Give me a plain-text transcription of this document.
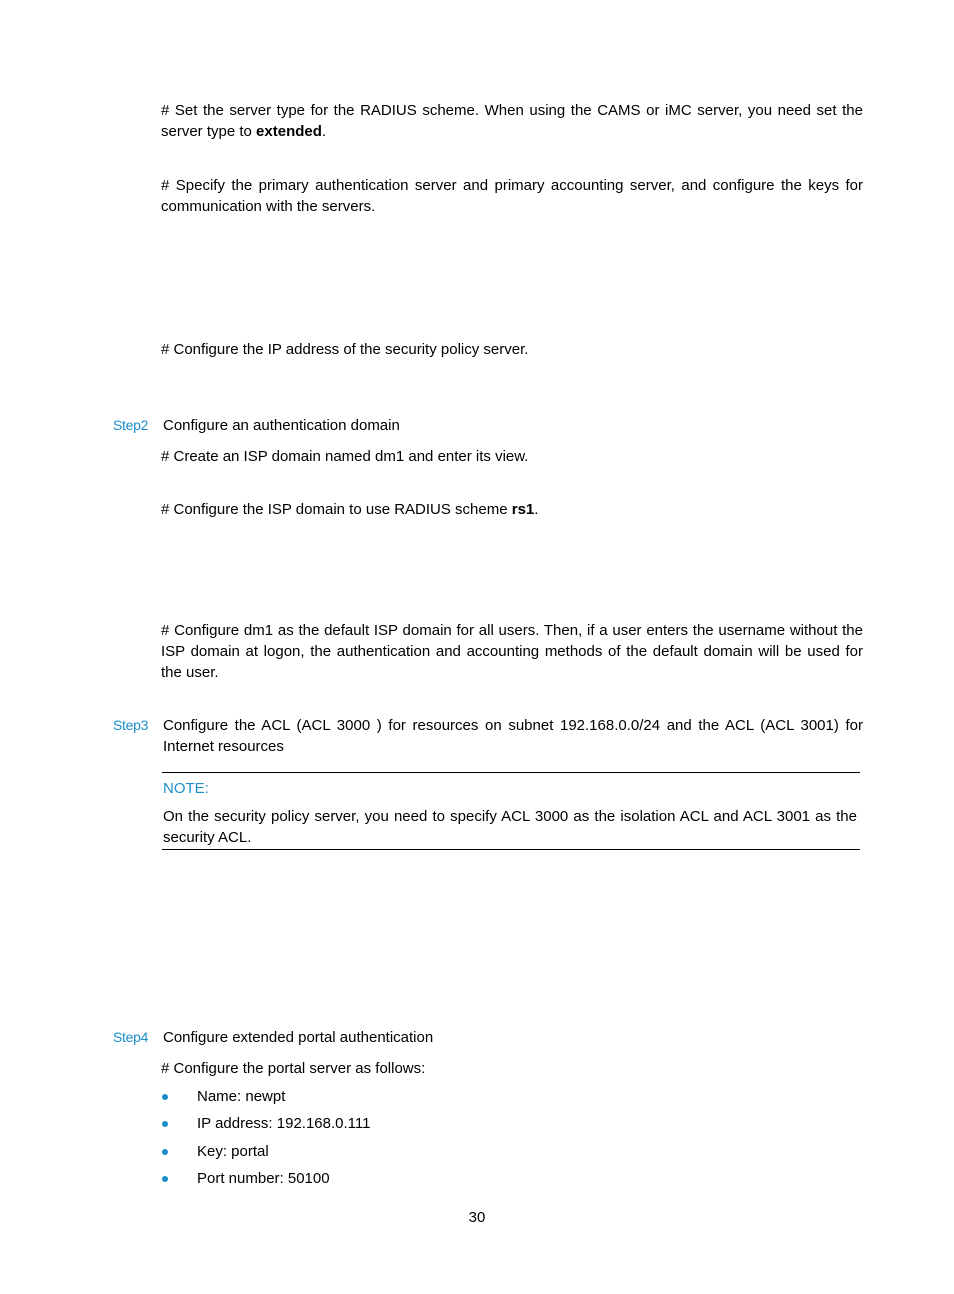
# Set the server type for the RADIUS scheme. When using the CAMS or iMC server, you need set the server type to extended.
# Specify the primary authentication server and primary accounting server, and configure the keys for communication with the servers.
# Configure the IP address of the security policy server.
Step2 Configure an authentication domain
# Create an ISP domain named dm1 and enter its view.
# Configure the ISP domain to use RADIUS scheme rs1.
# Configure dm1 as the default ISP domain for all users. Then, if a user enters the username without the ISP domain at logon, the authentication and accounting methods of the default domain will be used for the user.
Step3 Configure the ACL (ACL 3000 ) for resources on subnet 192.168.0.0/24 and the ACL (ACL 3001) for Internet resources
NOTE:
On the security policy server, you need to specify ACL 3000 as the isolation ACL and ACL 3001 as the security ACL.
Step4 Configure extended portal authentication
# Configure the portal server as follows:
Name: newpt
IP address: 192.168.0.111
Key: portal
Port number: 50100
30
